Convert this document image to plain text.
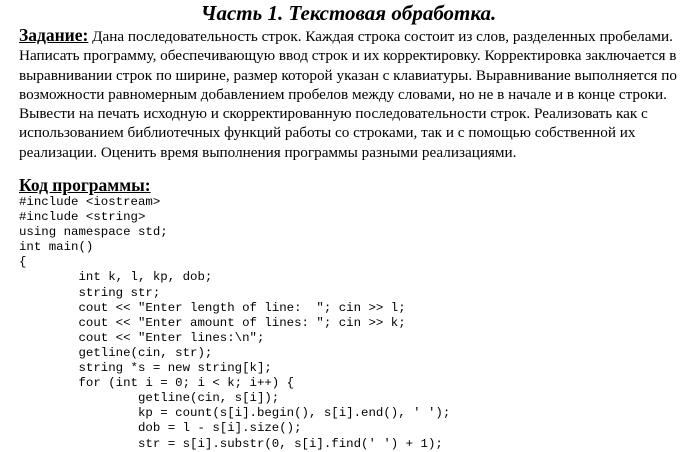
Часть 1. Текстовая обработка.

Задание: Дана последовательность строк. Каждая строка состоит из слов, разделенных пробелами. Написать программу, обеспечивающую ввод строк и их корректировку. Корректировка заключается в выравнивании строк по ширине, размер которой указан с клавиатуры. Выравнивание выполняется по возможности равномерным добавлением пробелов между словами, но не в начале и в конце строки. Вывести на печать исходную и скорректированную последовательности строк. Реализовать как с использованием библиотечных функций работы со строками, так и с помощью собственной их реализации. Оценить время выполнения программы разными реализациями.

Код программы:
#include <iostream>
#include <string>
using namespace std;
int main()
{
int k, l, kp, dob;
string str;
cout << "Enter length of line:  "; cin >> l;
cout << "Enter amount of lines: "; cin >> k;
cout << "Enter lines:\n";
getline(cin, str);
string *s = new string[k];
for (int i = 0; i < k; i++) {
getline(cin, s[i]);
kp = count(s[i].begin(), s[i].end(), ' ');
dob = l - s[i].size();
str = s[i].substr(0, s[i].find(' ') + 1);
